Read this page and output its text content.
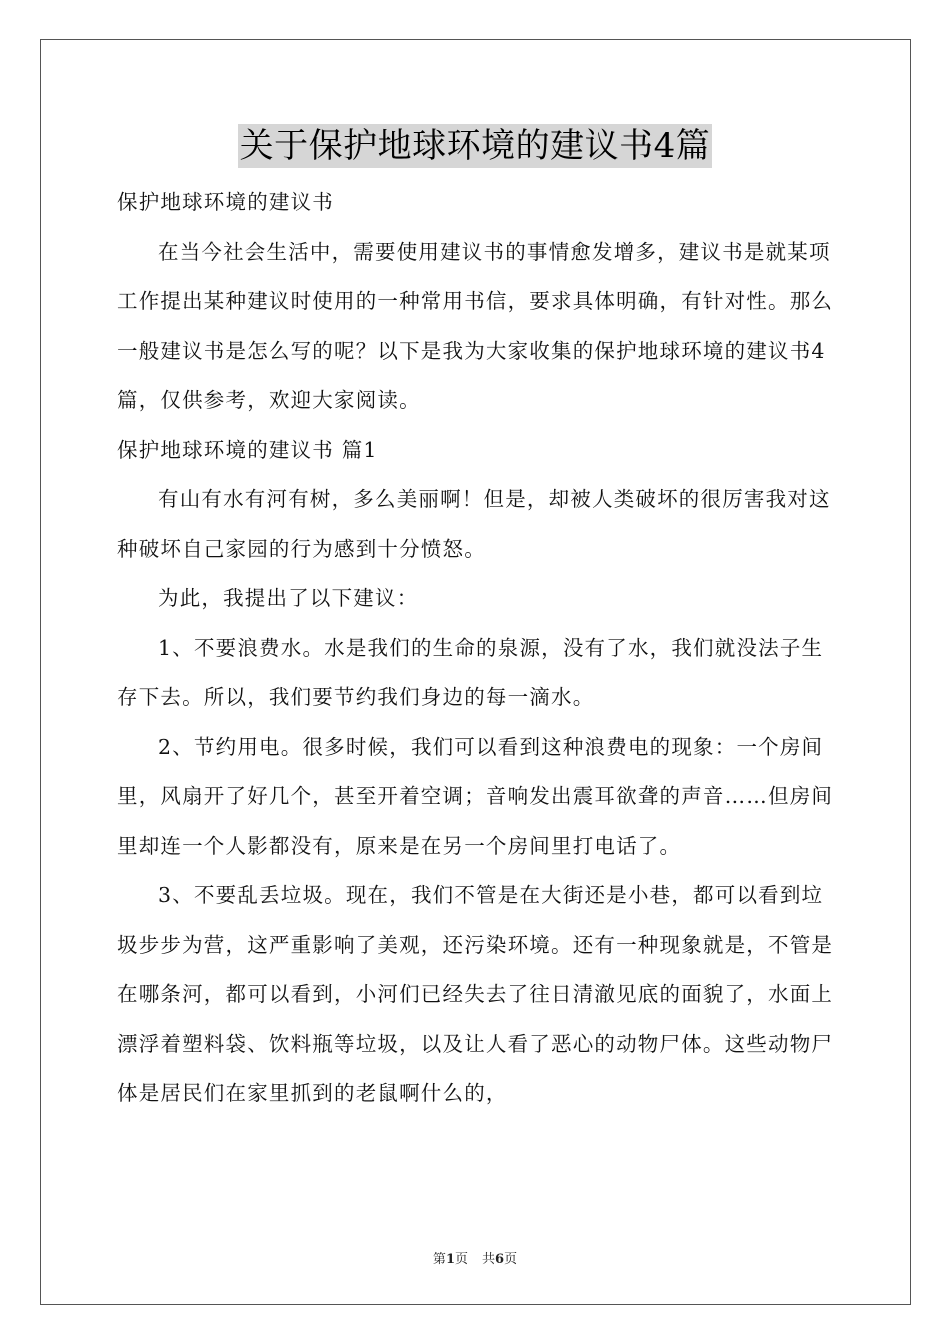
关于保护地球环境的建议书4篇

保护地球环境的建议书

在当今社会生活中，需要使用建议书的事情愈发增多，建议书是就某项工作提出某种建议时使用的一种常用书信，要求具体明确，有针对性。那么一般建议书是怎么写的呢？以下是我为大家收集的保护地球环境的建议书4篇，仅供参考，欢迎大家阅读。

保护地球环境的建议书 篇1

有山有水有河有树，多么美丽啊！但是，却被人类破坏的很厉害我对这种破坏自己家园的行为感到十分愤怒。

为此，我提出了以下建议：

1、不要浪费水。水是我们的生命的泉源，没有了水，我们就没法子生存下去。所以，我们要节约我们身边的每一滴水。

2、节约用电。很多时候，我们可以看到这种浪费电的现象：一个房间里，风扇开了好几个，甚至开着空调；音响发出震耳欲聋的声音……但房间里却连一个人影都没有，原来是在另一个房间里打电话了。

3、不要乱丢垃圾。现在，我们不管是在大街还是小巷，都可以看到垃圾步步为营，这严重影响了美观，还污染环境。还有一种现象就是，不管是在哪条河，都可以看到，小河们已经失去了往日清澈见底的面貌了，水面上漂浮着塑料袋、饮料瓶等垃圾，以及让人看了恶心的动物尸体。这些动物尸体是居民们在家里抓到的老鼠啊什么的，

第1页 共6页
